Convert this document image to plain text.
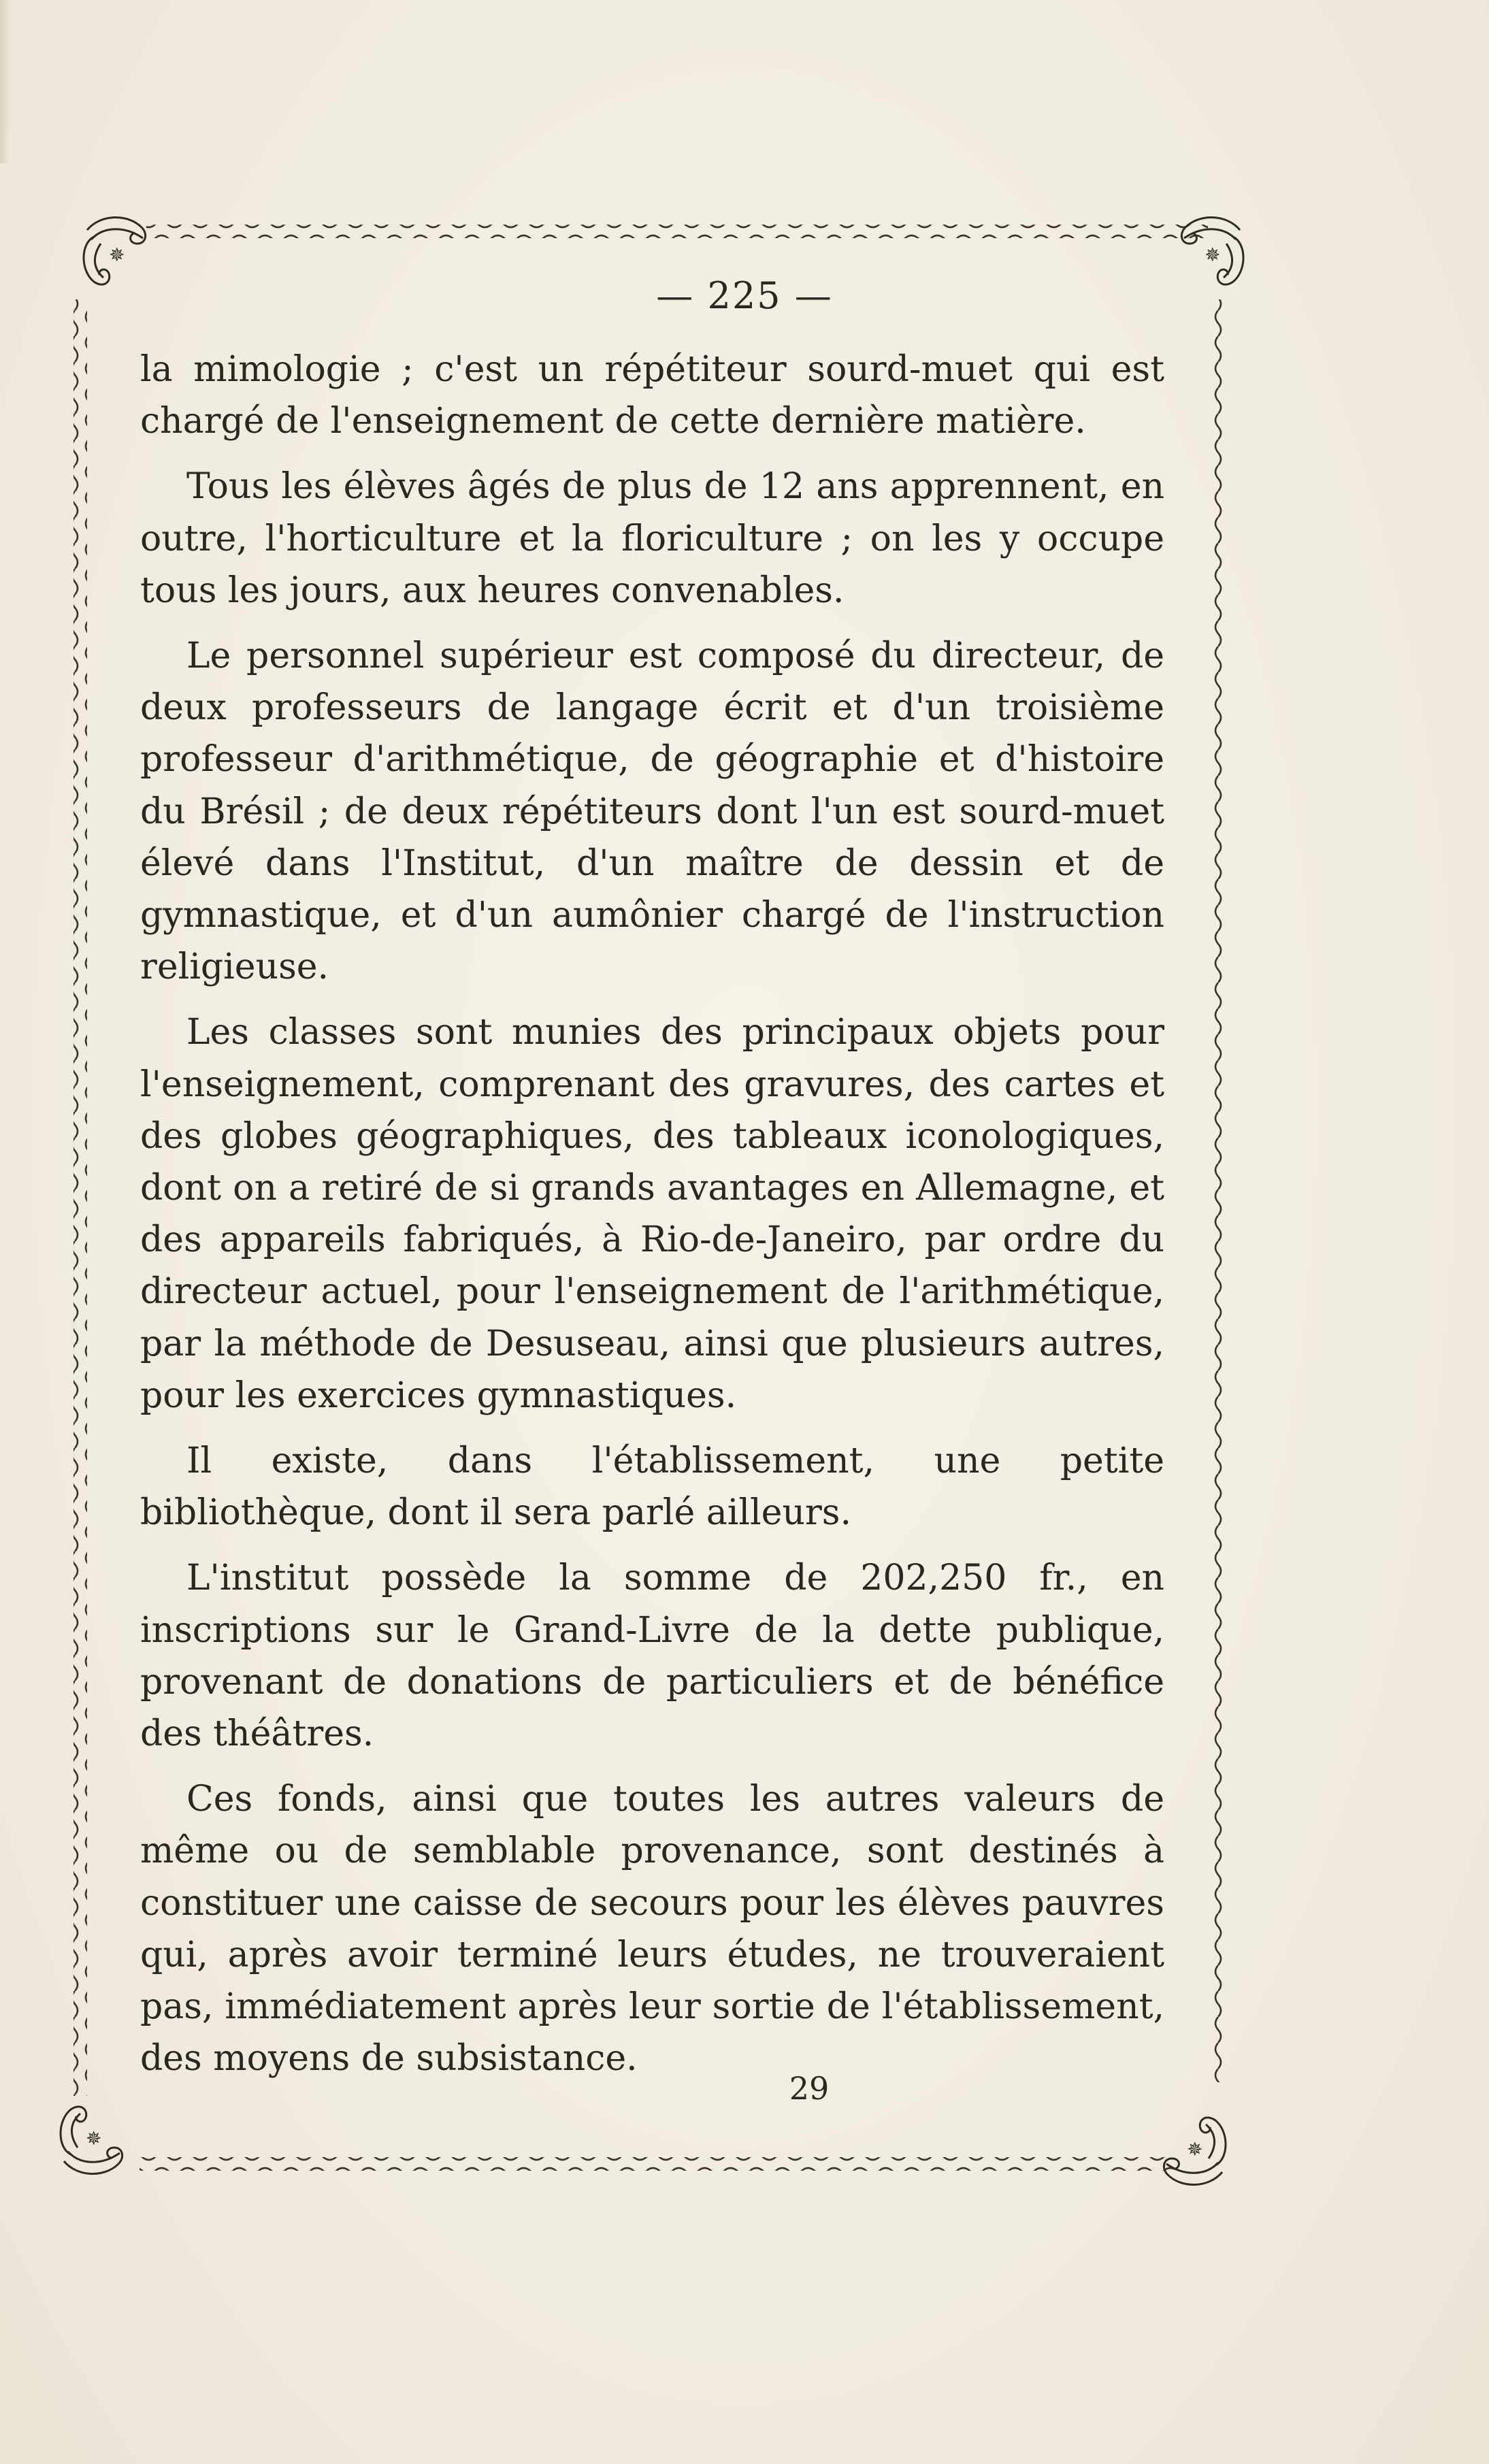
✵	✵
✵	✵
— 225 —

la mimologie ; c'est un répétiteur sourd-muet qui est chargé de l'enseignement de cette dernière matière.

Tous les élèves âgés de plus de 12 ans apprennent, en outre, l'horticulture et la floriculture ; on les y occupe tous les jours, aux heures convenables.

Le personnel supérieur est composé du directeur, de deux professeurs de langage écrit et d'un troisième professeur d'arithmétique, de géographie et d'histoire du Brésil ; de deux répétiteurs dont l'un est sourd-muet élevé dans l'Institut, d'un maître de dessin et de gymnastique, et d'un aumônier chargé de l'instruction religieuse.

Les classes sont munies des principaux objets pour l'enseignement, comprenant des gravures, des cartes et des globes géographiques, des tableaux iconologiques, dont on a retiré de si grands avantages en Allemagne, et des appareils fabriqués, à Rio-de-Janeiro, par ordre du directeur actuel, pour l'enseignement de l'arithmétique, par la méthode de Desuseau, ainsi que plusieurs autres, pour les exercices gymnastiques.

Il existe, dans l'établissement, une petite bibliothèque, dont il sera parlé ailleurs.

L'institut possède la somme de 202,250 fr., en inscriptions sur le Grand-Livre de la dette publique, provenant de donations de particuliers et de bénéfice des théâtres.

Ces fonds, ainsi que toutes les autres valeurs de même ou de semblable provenance, sont destinés à constituer une caisse de secours pour les élèves pauvres qui, après avoir terminé leurs études, ne trouveraient pas, immédiatement après leur sortie de l'établissement, des moyens de subsistance.

29
